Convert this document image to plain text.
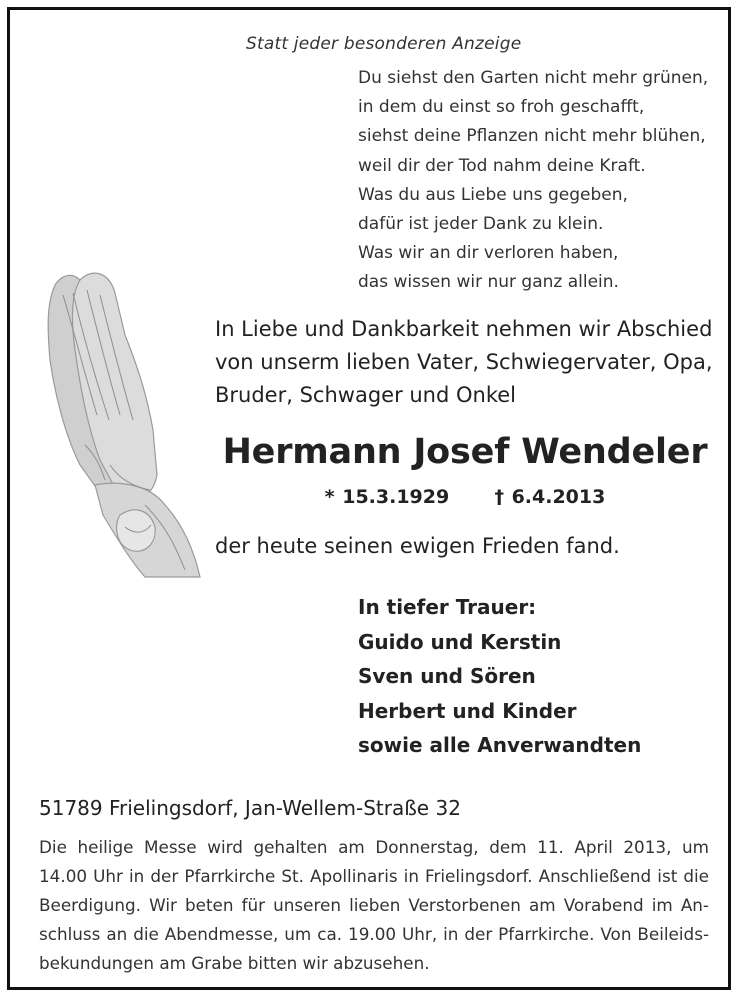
Statt jeder besonderen Anzeige
Du siehst den Garten nicht mehr grünen,
in dem du einst so froh geschafft,
siehst deine Pflanzen nicht mehr blühen,
weil dir der Tod nahm deine Kraft.
Was du aus Liebe uns gegeben,
dafür ist jeder Dank zu klein.
Was wir an dir verloren haben,
das wissen wir nur ganz allein.
In Liebe und Dankbarkeit nehmen wir Abschied
von unserm lieben Vater, Schwiegervater, Opa,
Bruder, Schwager und Onkel
Hermann Josef Wendeler
* 15.3.1929 † 6.4.2013
der heute seinen ewigen Frieden fand.
In tiefer Trauer:
Guido und Kerstin
Sven und Sören
Herbert und Kinder
sowie alle Anverwandten
51789 Frielingsdorf, Jan-Wellem-Straße 32
Die heilige Messe wird gehalten am Donnerstag, dem 11. April 2013, um
14.00 Uhr in der Pfarrkirche St. Apollinaris in Frielingsdorf. Anschließend ist die
Beerdigung. Wir beten für unseren lieben Verstorbenen am Vorabend im An-
schluss an die Abendmesse, um ca. 19.00 Uhr, in der Pfarrkirche. Von Beileids-
bekundungen am Grabe bitten wir abzusehen.
